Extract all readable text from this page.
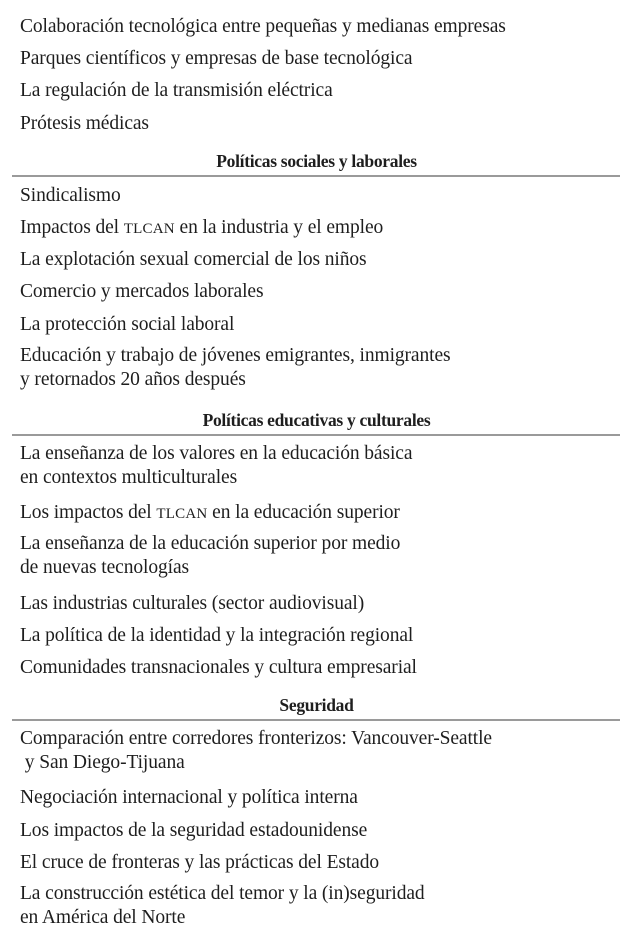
Colaboración tecnológica entre pequeñas y medianas empresas
Parques científicos y empresas de base tecnológica
La regulación de la transmisión eléctrica
Prótesis médicas
Políticas sociales y laborales
Sindicalismo
Impactos del TLCAN en la industria y el empleo
La explotación sexual comercial de los niños
Comercio y mercados laborales
La protección social laboral
Educación y trabajo de jóvenes emigrantes, inmigrantes
y retornados 20 años después
Políticas educativas y culturales
La enseñanza de los valores en la educación básica
en contextos multiculturales
Los impactos del TLCAN en la educación superior
La enseñanza de la educación superior por medio
de nuevas tecnologías
Las industrias culturales (sector audiovisual)
La política de la identidad y la integración regional
Comunidades transnacionales y cultura empresarial
Seguridad
Comparación entre corredores fronterizos: Vancouver-Seattle
y San Diego-Tijuana
Negociación internacional y política interna
Los impactos de la seguridad estadounidense
El cruce de fronteras y las prácticas del Estado
La construcción estética del temor y la (in)seguridad
en América del Norte
